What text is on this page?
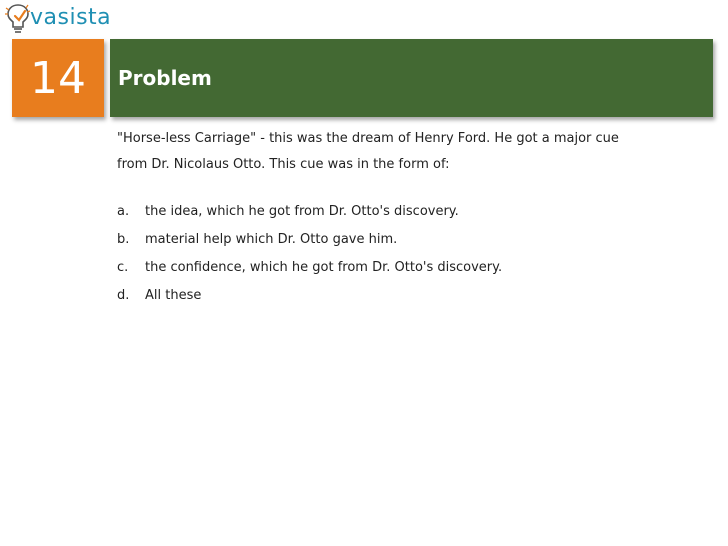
vasista
14	Problem
"Horse-less Carriage" - this was the dream of Henry Ford. He got a major cue
from Dr. Nicolaus Otto. This cue was in the form of:
a.	the idea, which he got from Dr. Otto's discovery.
b.	material help which Dr. Otto gave him.
c.	the confidence, which he got from Dr. Otto's discovery.
d.	All these
